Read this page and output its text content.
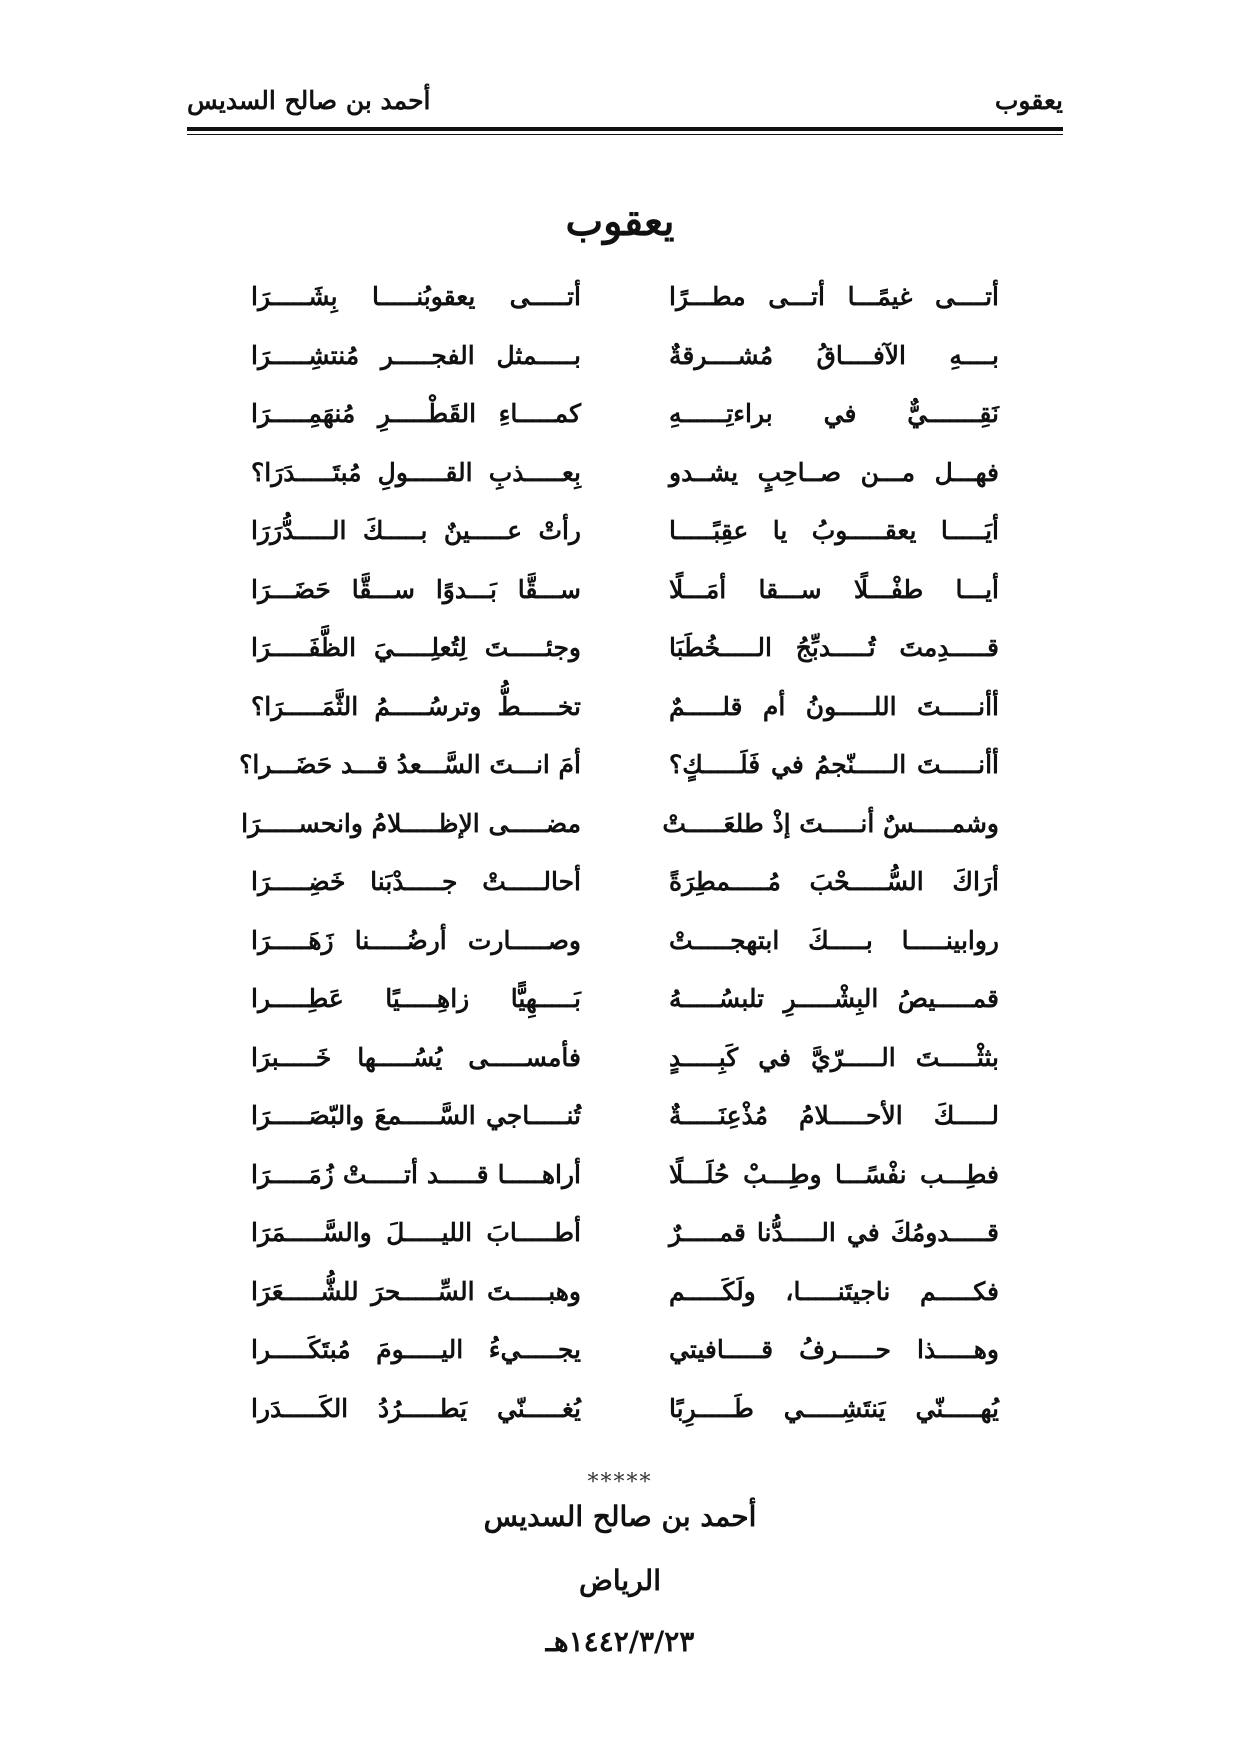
يعقوب
أحمد بن صالح السديس
يعقوب
أتــــى غيمًـــا أتـــى مطـــرًا
أتـــــى يعقوبُنـــــا بِشَـــــرَا
بــــهِ الآفــــاقُ مُشــــرقةٌ
بـــــمثل الفجـــــر مُنتشِـــــرَا
نَقِـــــــيٌّ في براءتِــــــهِ
كمـــــاءِ القَطْـــــرِ مُنهَمِـــــرَا
فهـــل مـــن صــاحِبٍ يشــدو
بِعـــــذبِ القـــــولِ مُبتَـــــدَرَا؟
أيَـــــا يعقـــــوبُ يا عقِبًـــــا
رأتْ عـــــينٌ بـــــكَ الـــــدُّرَرَا
أيـــا طفْـــلًا ســـقا أمَـــلًا
ســـقَّا بَـــدوًا ســـقَّا حَضَـــرَا
قـــــدِمتَ تُـــــدبِّجُ الـــــخُطَبَا
وجئـــــتَ لِتُعلِـــــيَ الظَّفَـــــرَا
أأنـــــتَ اللـــــونُ أم قلـــــمٌ
تخـــــطُّ وترسُـــــمُ الثَّمَـــــرَا؟
أأنـــــتَ الـــــنّجمُ في فَلَـــــكٍ؟
أمَ انـــتَ السَّـــعدُ قـــد حَضَـــرا؟
وشمـــــسٌ أنـــــتَ إذْ طلعَـــــتْ
مضـــــى الإظـــــلامُ وانحســـــرَا
أرَاكَ السُّـــــحْبَ مُـــــمطِرَةً
أحالـــــتْ جـــــدْبَنا خَضِـــــرَا
روابينـــــا بـــــكَ ابتهجـــــتْ
وصـــــارت أرضُـــــنا زَهَـــــرَا
قمـــــيصُ البِشْـــــرِ تلبسُـــــهُ
بَـــــهِيًّا زاهِـــــيًا عَطِـــــرا
بثثْـــــتَ الـــــرّيَّ في كَبِـــــدٍ
فأمســـــى يُسُـــــها خَـــــبرَا
لـــــكَ الأحـــــلامُ مُذْعِنَـــــةٌ
تُنـــــاجي السَّـــــمعَ والبّصَـــــرَا
فطِـــب نفْسًـــا وطِـــبْ حُلَـــلًا
أراهـــــا قـــــد أتـــــتْ زُمَـــــرَا
قـــــدومُكَ في الـــــدُّنا قمـــــرٌ
أطـــــابَ الليـــــلَ والسَّـــــمَرَا
فكـــــم ناجيتَنـــــا، ولَكَـــــم
وهبـــــتَ السِّـــــحرَ للشُّـــــعَرَا
وهـــــذا حـــــرفُ قـــــافيتي
يجـــــيءُ اليـــــومَ مُبتَكَـــــرا
يُهـــــنّي يَنتَشِـــــي طَـــــرِبًا
يُغـــــنّي يَطـــــرُدُ الكَـــــدَرا
*****
أحمد بن صالح السديس
الرياض
١٤٤٢/٣/٢٣هـ
